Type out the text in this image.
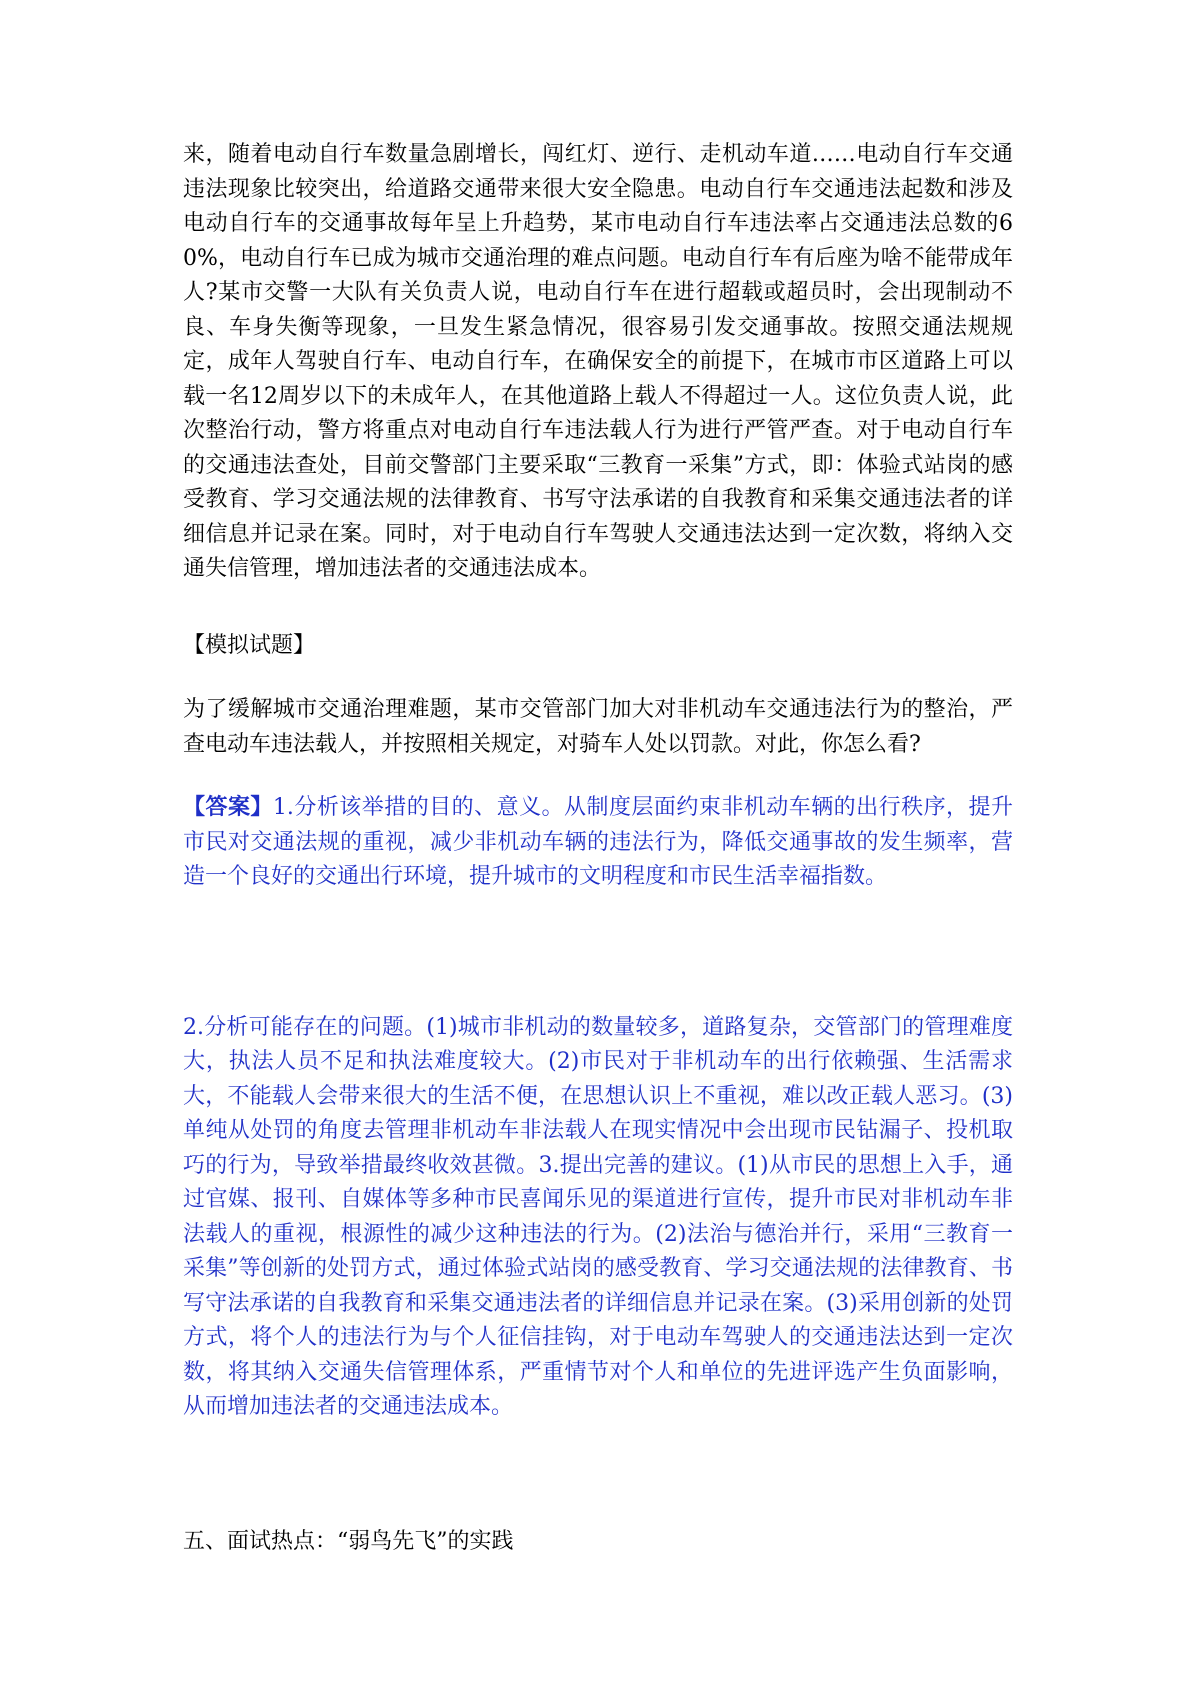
来，随着电动自行车数量急剧增长，闯红灯、逆行、走机动车道……电动自行车交通违法现象比较突出，给道路交通带来很大安全隐患。电动自行车交通违法起数和涉及电动自行车的交通事故每年呈上升趋势，某市电动自行车违法率占交通违法总数的60%，电动自行车已成为城市交通治理的难点问题。电动自行车有后座为啥不能带成年人?某市交警一大队有关负责人说，电动自行车在进行超载或超员时，会出现制动不良、车身失衡等现象，一旦发生紧急情况，很容易引发交通事故。按照交通法规规定，成年人驾驶自行车、电动自行车，在确保安全的前提下，在城市市区道路上可以载一名12周岁以下的未成年人，在其他道路上载人不得超过一人。这位负责人说，此次整治行动，警方将重点对电动自行车违法载人行为进行严管严查。对于电动自行车的交通违法查处，目前交警部门主要采取“三教育一采集”方式，即：体验式站岗的感受教育、学习交通法规的法律教育、书写守法承诺的自我教育和采集交通违法者的详细信息并记录在案。同时，对于电动自行车驾驶人交通违法达到一定次数，将纳入交通失信管理，增加违法者的交通违法成本。

【模拟试题】

为了缓解城市交通治理难题，某市交管部门加大对非机动车交通违法行为的整治，严查电动车违法载人，并按照相关规定，对骑车人处以罚款。对此，你怎么看?

【答案】1.分析该举措的目的、意义。从制度层面约束非机动车辆的出行秩序，提升市民对交通法规的重视，减少非机动车辆的违法行为，降低交通事故的发生频率，营造一个良好的交通出行环境，提升城市的文明程度和市民生活幸福指数。

2.分析可能存在的问题。(1)城市非机动的数量较多，道路复杂，交管部门的管理难度大，执法人员不足和执法难度较大。(2)市民对于非机动车的出行依赖强、生活需求大，不能载人会带来很大的生活不便，在思想认识上不重视，难以改正载人恶习。(3)单纯从处罚的角度去管理非机动车非法载人在现实情况中会出现市民钻漏子、投机取巧的行为，导致举措最终收效甚微。3.提出完善的建议。(1)从市民的思想上入手，通过官媒、报刊、自媒体等多种市民喜闻乐见的渠道进行宣传，提升市民对非机动车非法载人的重视，根源性的减少这种违法的行为。(2)法治与德治并行，采用“三教育一采集”等创新的处罚方式，通过体验式站岗的感受教育、学习交通法规的法律教育、书写守法承诺的自我教育和采集交通违法者的详细信息并记录在案。(3)采用创新的处罚方式，将个人的违法行为与个人征信挂钩，对于电动车驾驶人的交通违法达到一定次数，将其纳入交通失信管理体系，严重情节对个人和单位的先进评选产生负面影响，从而增加违法者的交通违法成本。

五、面试热点：“弱鸟先飞”的实践
